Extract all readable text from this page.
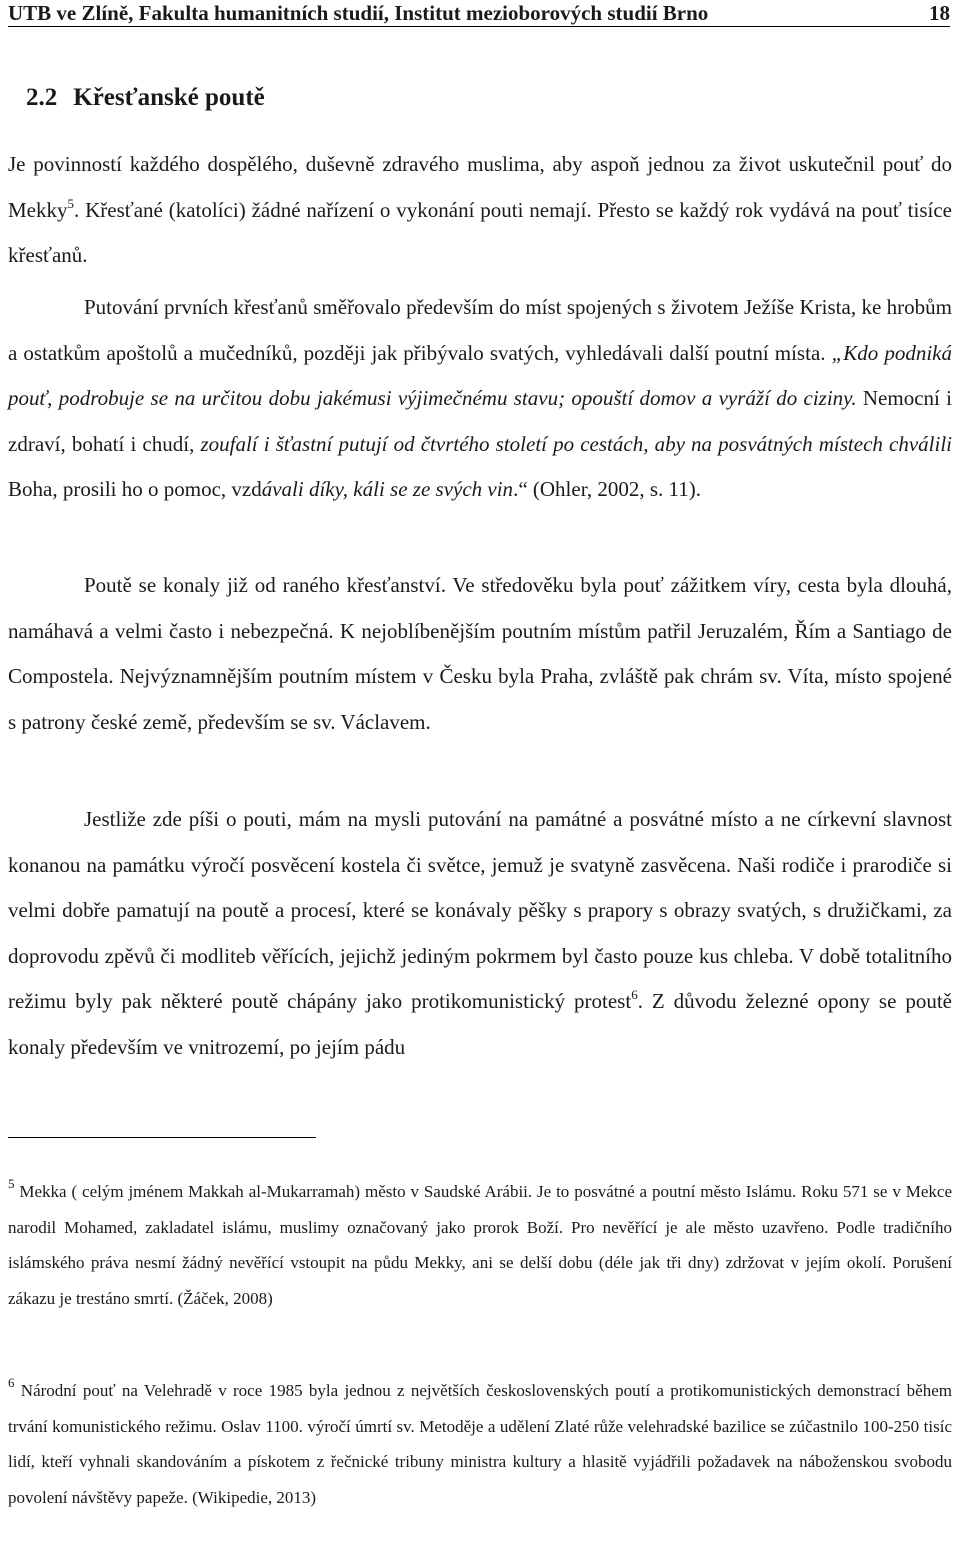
UTB ve Zlíně, Fakulta humanitních studií, Institut mezioborových studií Brno	18
2.2 Křesťanské poutě

Je povinností každého dospělého, duševně zdravého muslima, aby aspoň jednou za život uskutečnil pouť do Mekky$^5$. Křesťané (katolíci) žádné nařízení o vykonání pouti nemají. Přesto se každý rok vydává na pouť tisíce křesťanů.

Putování prvních křesťanů směřovalo především do míst spojených s životem Ježíše Krista, ke hrobům a ostatkům apoštolů a mučedníků, později jak přibývalo svatých, vyhledávali další poutní místa. „Kdo podniká pouť, podrobuje se na určitou dobu jakémusi výjimečnému stavu; opouští domov a vyráží do ciziny. Nemocní i zdraví, bohatí i chudí, zoufalí i šťastní putují od čtvrtého století po cestách, aby na posvátných místech chválili Boha, prosili ho o pomoc, vzdávali díky, káli se ze svých vin.“ (Ohler, 2002, s. 11).

Poutě se konaly již od raného křesťanství. Ve středověku byla pouť zážitkem víry, cesta byla dlouhá, namáhavá a velmi často i nebezpečná. K nejoblíbenějším poutním místům patřil Jeruzalém, Řím a Santiago de Compostela. Nejvýznamnějším poutním místem v Česku byla Praha, zvláště pak chrám sv. Víta, místo spojené s patrony české země, především se sv. Václavem.

Jestliže zde píši o pouti, mám na mysli putování na památné a posvátné místo a ne církevní slavnost konanou na památku výročí posvěcení kostela či světce, jemuž je svatyně zasvěcena. Naši rodiče i prarodiče si velmi dobře pamatují na poutě a procesí, které se konávaly pěšky s prapory s obrazy svatých, s družičkami, za doprovodu zpěvů či modliteb věřících, jejichž jediným pokrmem byl často pouze kus chleba. V době totalitního režimu byly pak některé poutě chápány jako protikomunistický protest$^6$. Z důvodu železné opony se poutě konaly především ve vnitrozemí, po jejím pádu

$^5$ Mekka ( celým jménem Makkah al-Mukarramah) město v Saudské Arábii. Je to posvátné a poutní město Islámu. Roku 571 se v Mekce narodil Mohamed, zakladatel islámu, muslimy označovaný jako prorok Boží. Pro nevěřící je ale město uzavřeno. Podle tradičního islámského práva nesmí žádný nevěřící vstoupit na půdu Mekky, ani se delší dobu (déle jak tři dny) zdržovat v jejím okolí. Porušení zákazu je trestáno smrtí. (Žáček, 2008)

$^6$ Národní pouť na Velehradě v roce 1985 byla jednou z největších československých poutí a protikomunistických demonstrací během trvání komunistického režimu. Oslav 1100. výročí úmrtí sv. Metoděje a udělení Zlaté růže velehradské bazilice se zúčastnilo 100-250 tisíc lidí, kteří vyhnali skandováním a pískotem z řečnické tribuny ministra kultury a hlasitě vyjádřili požadavek na náboženskou svobodu povolení návštěvy papeže. (Wikipedie, 2013)
